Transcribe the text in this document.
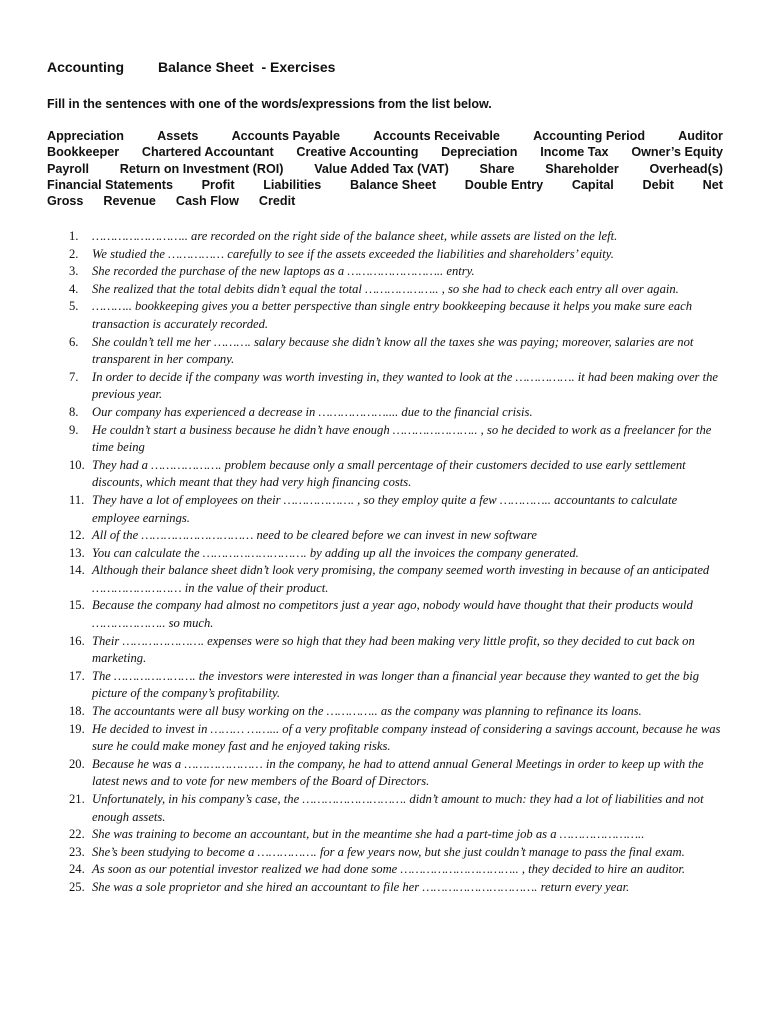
Accounting Balance Sheet  - Exercises
Fill in the sentences with one of the words/expressions from the list below.
Appreciation	Assets	Accounts Payable	Accounts Receivable	Accounting Period	Auditor
Bookkeeper Chartered Accountant Creative Accounting Depreciation Income Tax Owner’s Equity
Payroll Return on Investment (ROI) Value Added Tax (VAT) Share Shareholder Overhead(s)
Financial Statements Profit Liabilities Balance Sheet Double Entry Capital Debit Net
Gross Revenue Cash Flow Credit
1. …………………….. are recorded on the right side of the balance sheet, while assets are listed on the left.
2. We studied the …………… carefully to see if the assets exceeded the liabilities and shareholders’ equity.
3. She recorded the purchase of the new laptops as a …………………….. entry.
4. She realized that the total debits didn’t equal the total ……………….. , so she had to check each entry all over again.
5. ……….. bookkeeping gives you a better perspective than single entry bookkeeping because it helps you make sure each transaction is accurately recorded.
6. She couldn’t tell me her ………. salary because she didn’t know all the taxes she was paying; moreover, salaries are not transparent in her company.
7. In order to decide if the company was worth investing in, they wanted to look at the ……………. it had been making over the previous year.
8. Our company has experienced a decrease in ……………….... due to the financial crisis.
9. He couldn’t start a business because he didn’t have enough ………………….. , so he decided to work as a freelancer for the time being
10. They had a ………………. problem because only a small percentage of their customers decided to use early settlement discounts, which meant that they had very high financing costs.
11. They have a lot of employees on their ………………. , so they employ quite a few ………….. accountants to calculate employee earnings.
12. All of the ………………………… need to be cleared before we can invest in new software
13. You can calculate the ………………………. by adding up all the invoices the company generated.
14. Although their balance sheet didn’t look very promising, the company seemed worth investing in because of an anticipated …………………… in the value of their product.
15. Because the company had almost no competitors just a year ago, nobody would have thought that their products would ……………….. so much.
16. Their …………………. expenses were so high that they had been making very little profit, so they decided to cut back on marketing.
17. The …………………. the investors were interested in was longer than a financial year because they wanted to get the big picture of the company’s profitability.
18. The accountants were all busy working on the ………….. as the company was planning to refinance its loans.
19. He decided to invest in ……… ……... of a very profitable company instead of considering a savings account, because he was sure he could make money fast and he enjoyed taking risks.
20. Because he was a ………………… in the company, he had to attend annual General Meetings in order to keep up with the latest news and to vote for new members of the Board of Directors.
21. Unfortunately, in his company’s case, the ………………………. didn’t amount to much: they had a lot of liabilities and not enough assets.
22. She was training to become an accountant, but in the meantime she had a part-time job as a …………………..
23. She’s been studying to become a ……………. for a few years now, but she just couldn’t manage to pass the final exam.
24. As soon as our potential investor realized we had done some ………………………….. , they decided to hire an auditor.
25. She was a sole proprietor and she hired an accountant to file her …………………………. return every year.
